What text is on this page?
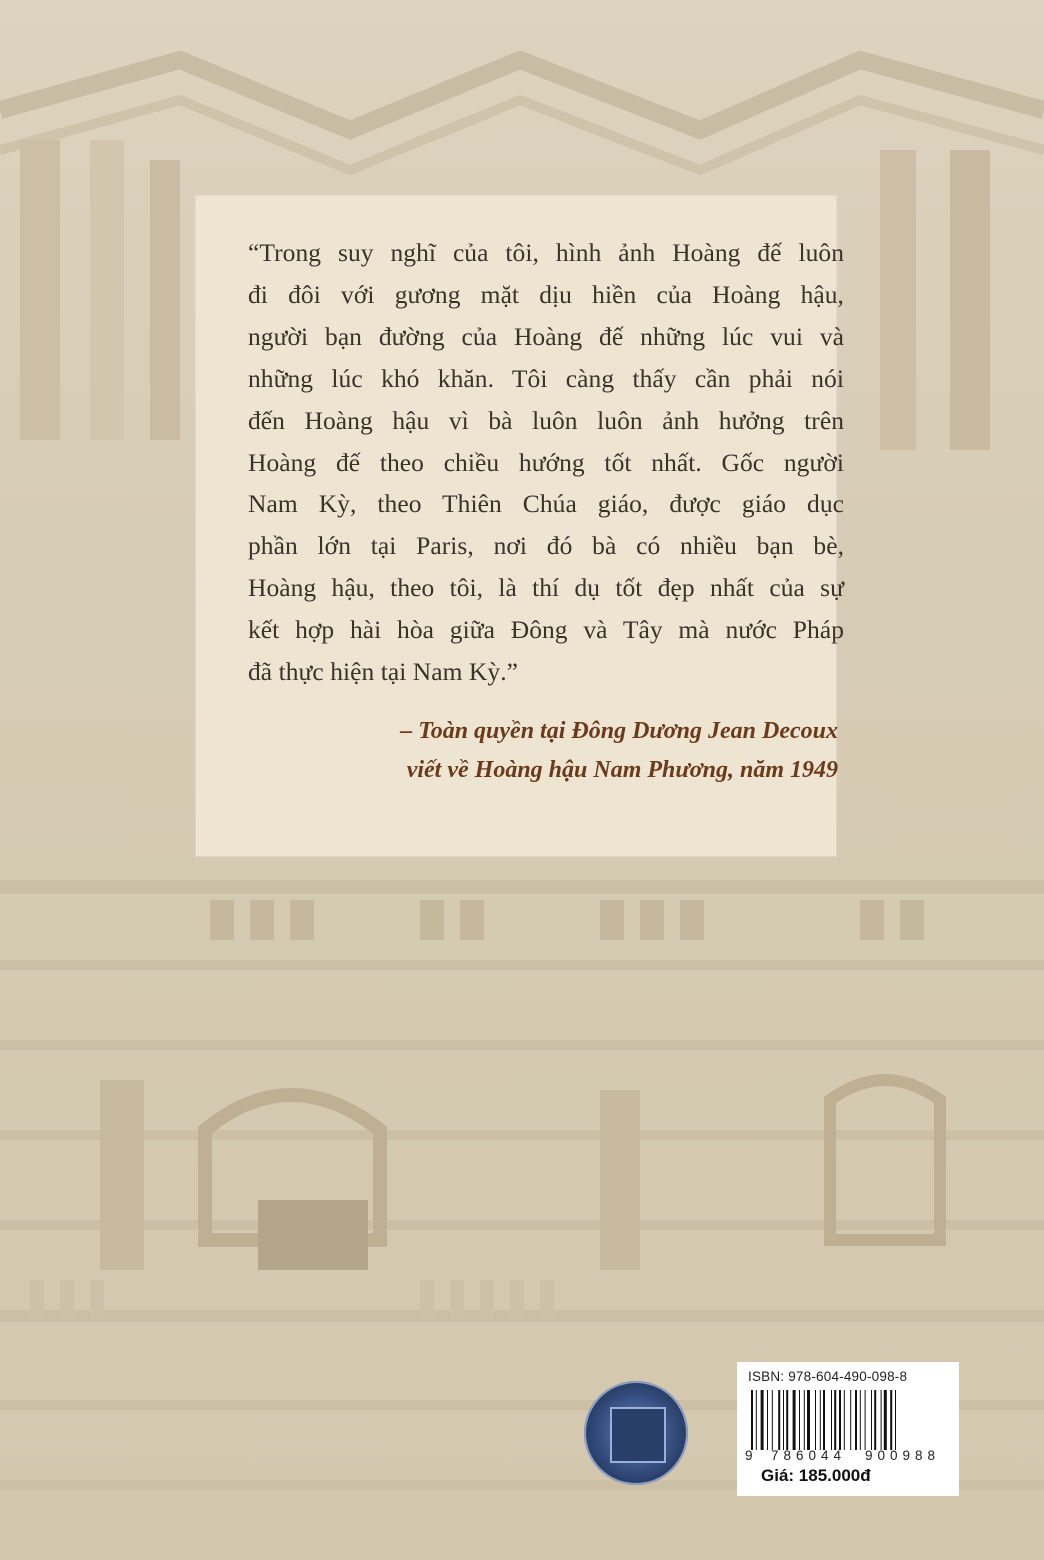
“Trong suy nghĩ của tôi, hình ảnh Hoàng đế luôn
đi đôi với gương mặt dịu hiền của Hoàng hậu,
người bạn đường của Hoàng đế những lúc vui và
những lúc khó khăn. Tôi càng thấy cần phải nói
đến Hoàng hậu vì bà luôn luôn ảnh hưởng trên
Hoàng đế theo chiều hướng tốt nhất. Gốc người
Nam Kỳ, theo Thiên Chúa giáo, được giáo dục
phần lớn tại Paris, nơi đó bà có nhiều bạn bè,
Hoàng hậu, theo tôi, là thí dụ tốt đẹp nhất của sự
kết hợp hài hòa giữa Đông và Tây mà nước Pháp
đã thực hiện tại Nam Kỳ.”
– Toàn quyền tại Đông Dương Jean Decoux
viết về Hoàng hậu Nam Phương, năm 1949
ISBN: 978-604-490-098-8
9 786044 900988
Giá: 185.000đ
